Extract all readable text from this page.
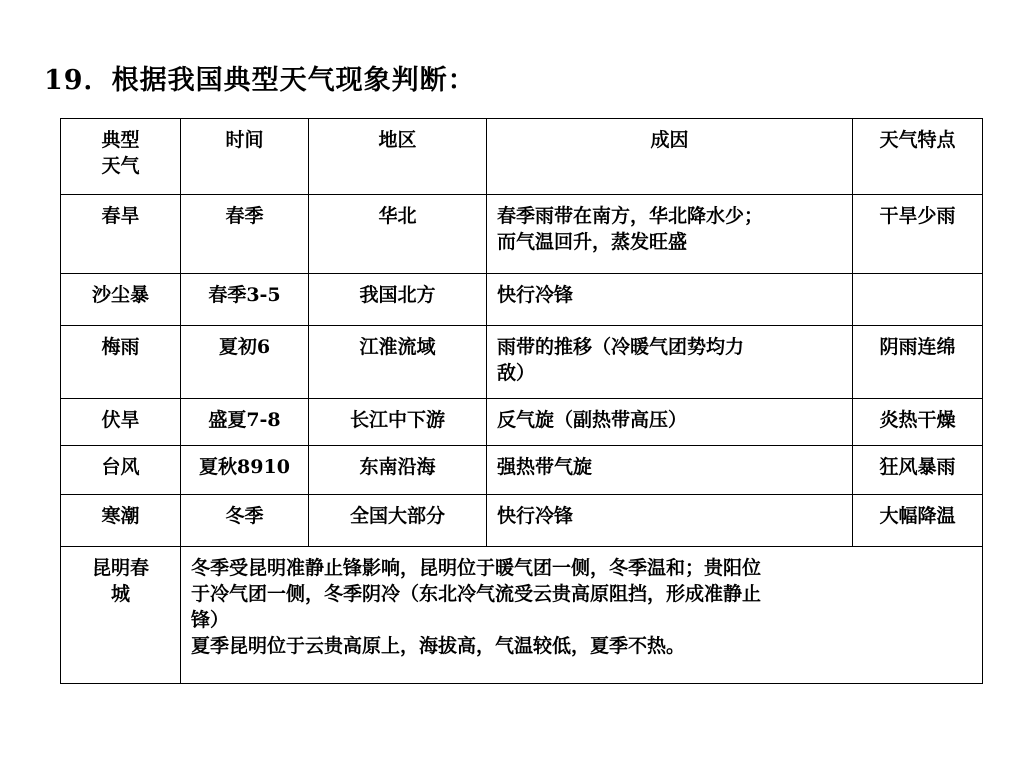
19．根据我国典型天气现象判断：
典型
天气	时间	地区	成因	天气特点
春旱	春季	华北	春季雨带在南方，华北降水少；
而气温回升，蒸发旺盛	干旱少雨
沙尘暴	春季3-5	我国北方	快行冷锋	

梅雨	夏初6	江淮流域	雨带的推移（冷暖气团势均力
敌）	阴雨连绵
伏旱	盛夏7-8	长江中下游	反气旋（副热带高压）	炎热干燥
台风	夏秋8910	东南沿海	强热带气旋	狂风暴雨
寒潮	冬季	全国大部分	快行冷锋	大幅降温

昆明春
城	冬季受昆明准静止锋影响，昆明位于暖气团一侧，冬季温和；贵阳位
于冷气团一侧，冬季阴冷（东北冷气流受云贵高原阻挡，形成准静止
锋）
夏季昆明位于云贵高原上，海拔高，气温较低，夏季不热。			
